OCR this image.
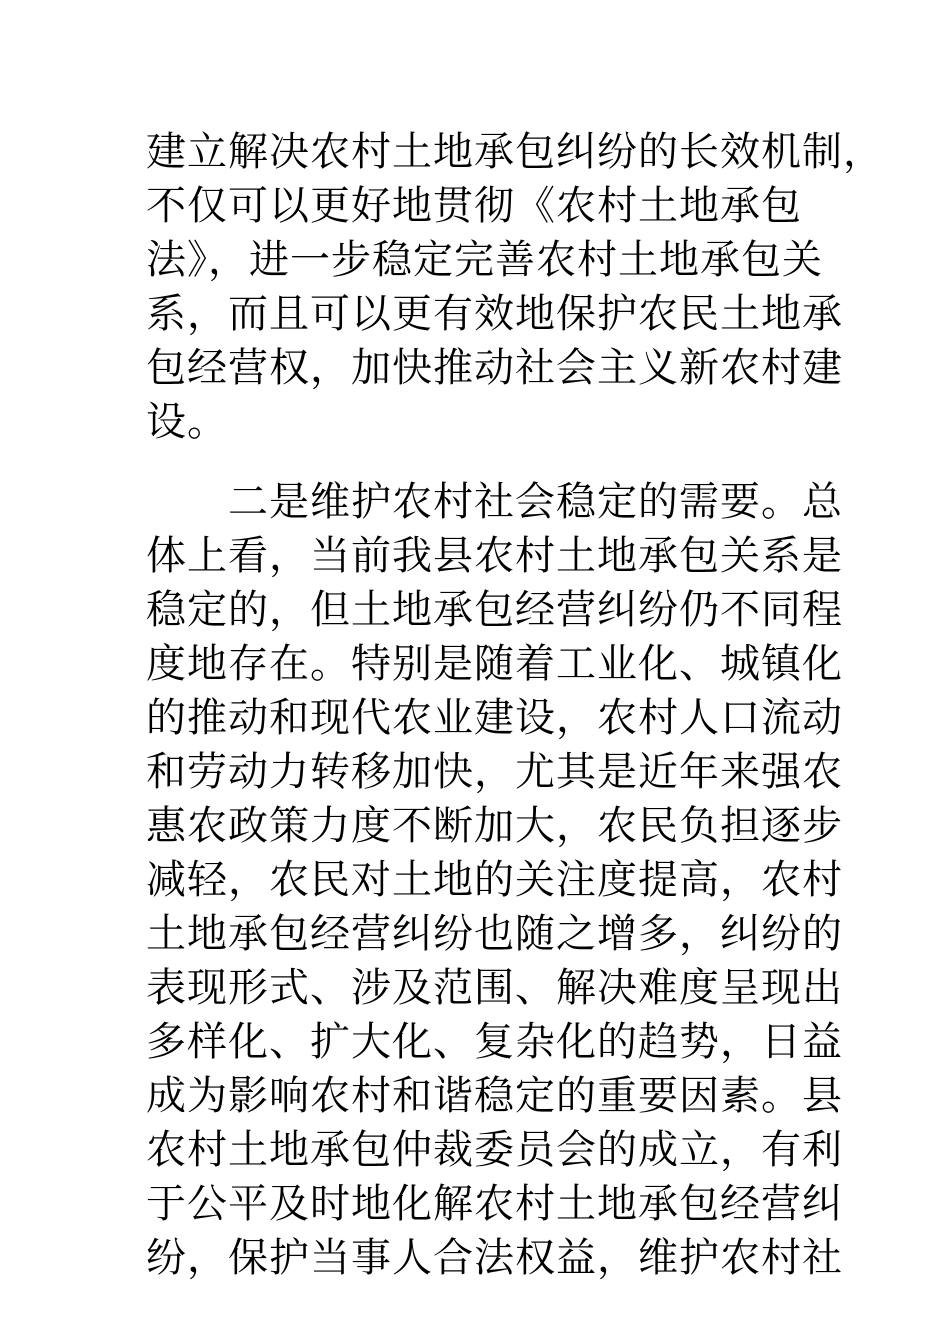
建立解决农村土地承包纠纷的长效机制，
不仅可以更好地贯彻《农村土地承包
法》，进一步稳定完善农村土地承包关
系，而且可以更有效地保护农民土地承
包经营权，加快推动社会主义新农村建
设。
　　二是维护农村社会稳定的需要。总
体上看，当前我县农村土地承包关系是
稳定的，但土地承包经营纠纷仍不同程
度地存在。特别是随着工业化、城镇化
的推动和现代农业建设，农村人口流动
和劳动力转移加快，尤其是近年来强农
惠农政策力度不断加大，农民负担逐步
减轻，农民对土地的关注度提高，农村
土地承包经营纠纷也随之增多，纠纷的
表现形式、涉及范围、解决难度呈现出
多样化、扩大化、复杂化的趋势，日益
成为影响农村和谐稳定的重要因素。县
农村土地承包仲裁委员会的成立，有利
于公平及时地化解农村土地承包经营纠
纷，保护当事人合法权益，维护农村社
